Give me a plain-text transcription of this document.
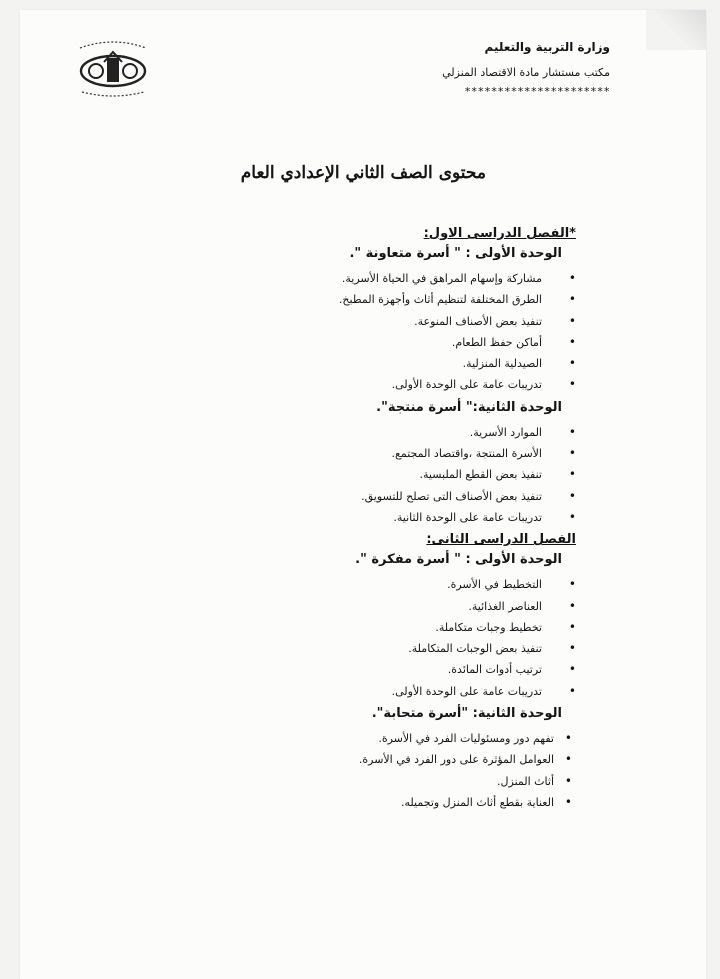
وزارة التربية والتعليم
مكتب مستشار مادة الاقتصاد المنزلي
**********************
محتوى الصف الثاني الإعدادي العام
*الفصل الدراسى الاول:
الوحدة الأولى : " أسرة متعاونة ".
• مشاركة وإسهام المراهق في الحياة الأسرية.
• الطرق المختلفة لتنظيم أثاث وأجهزة المطبخ.
• تنفيذ بعض الأصناف المنوعة.
• أماكن حفظ الطعام.
• الصيدلية المنزلية.
• تدريبات عامة على الوحدة الأولى.
الوحدة الثانية:" أسرة منتجة".
• الموارد الأسرية.
• الأسرة المنتجة ،واقتصاد المجتمع.
• تنفيذ بعض القطع الملبسية.
• تنفيذ بعض الأصناف التى تصلح للتسويق.
• تدريبات عامة على الوحدة الثانية.
الفصل الدراسى الثانى:
الوحدة الأولى : " أسرة مفكرة ".
• التخطيط في الأسرة.
• العناصر الغذائية.
• تخطيط وجبات متكاملة.
• تنفيذ بعض الوجبات المتكاملة.
• ترتيب أدوات المائدة.
• تدريبات عامة على الوحدة الأولى.
الوحدة الثانية: "أسرة متحابة".
• تفهم دور ومسئوليات الفرد في الأسرة.
• العوامل المؤثرة على دور الفرد في الأسرة.
• أثاث المنزل.
• العناية بقطع أثاث المنزل وتجميله.
